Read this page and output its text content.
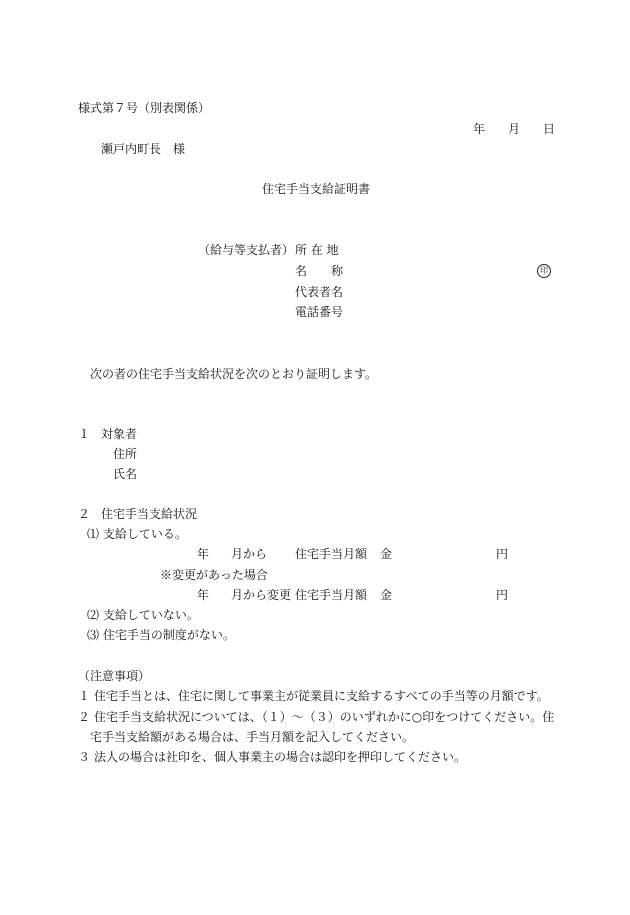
様式第７号（別表関係）
年 月 日
瀬戸内町長　様
住宅手当支給証明書
（給与等支払者） 所 在 地
名　　称	印
代表者名
電話番号
次の者の住宅手当支給状況を次のとおり証明します。
１ 対象者
住所
氏名
２ 住宅手当支給状況
⑴ 支給している。
年 月から 住宅手当月額 金	円
※変更があった場合
年 月から変更 住宅手当月額 金	円
⑵ 支給していない。
⑶ 住宅手当の制度がない。
（注意事項）
１ 住宅手当とは、住宅に関して事業主が従業員に支給するすべての手当等の月額です。
２ 住宅手当支給状況については、（１）～（３）のいずれかに○印をつけてください。住
宅手当支給額がある場合は、手当月額を記入してください。
３ 法人の場合は社印を、個人事業主の場合は認印を押印してください。
